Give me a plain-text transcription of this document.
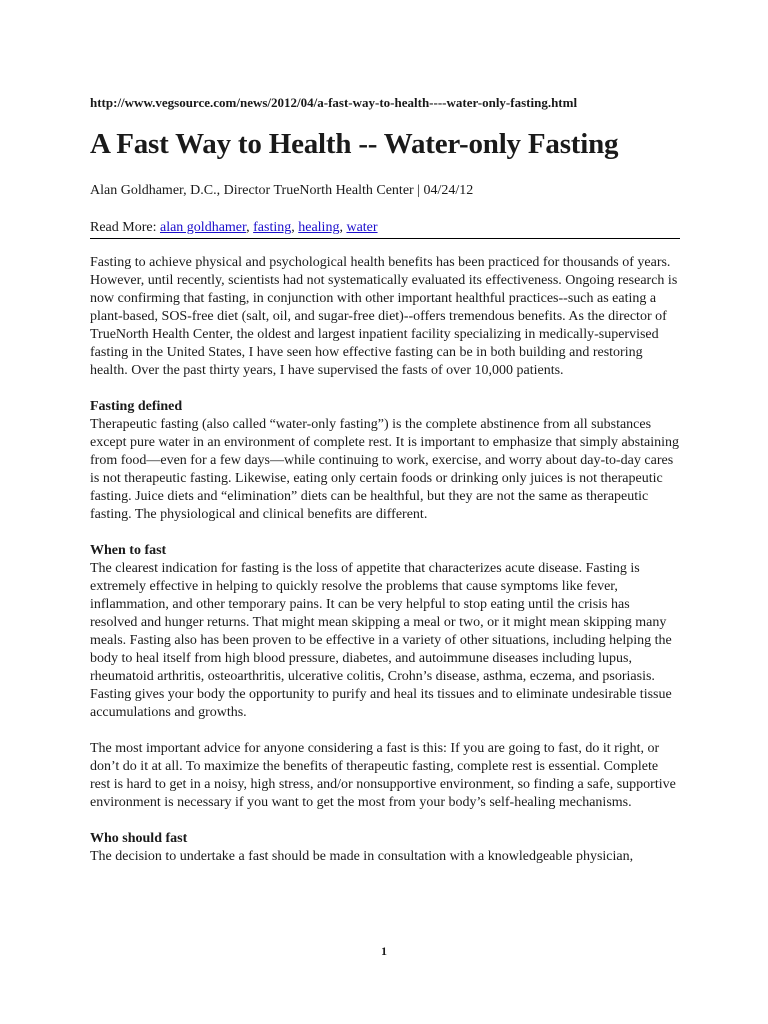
http://www.vegsource.com/news/2012/04/a-fast-way-to-health----water-only-fasting.html
A Fast Way to Health -- Water-only Fasting
Alan Goldhamer, D.C., Director TrueNorth Health Center | 04/24/12
Read More: alan goldhamer, fasting, healing, water

Fasting to achieve physical and psychological health benefits has been practiced for thousands of years. However, until recently, scientists had not systematically evaluated its effectiveness. Ongoing research is now confirming that fasting, in conjunction with other important healthful practices--such as eating a plant-based, SOS-free diet (salt, oil, and sugar-free diet)--offers tremendous benefits. As the director of TrueNorth Health Center, the oldest and largest inpatient facility specializing in medically-supervised fasting in the United States, I have seen how effective fasting can be in both building and restoring health. Over the past thirty years, I have supervised the fasts of over 10,000 patients.

Fasting defined

Therapeutic fasting (also called “water-only fasting”) is the complete abstinence from all substances except pure water in an environment of complete rest. It is important to emphasize that simply abstaining from food—even for a few days—while continuing to work, exercise, and worry about day-to-day cares is not therapeutic fasting. Likewise, eating only certain foods or drinking only juices is not therapeutic fasting. Juice diets and “elimination” diets can be healthful, but they are not the same as therapeutic fasting. The physiological and clinical benefits are different.

When to fast

The clearest indication for fasting is the loss of appetite that characterizes acute disease. Fasting is extremely effective in helping to quickly resolve the problems that cause symptoms like fever, inflammation, and other temporary pains. It can be very helpful to stop eating until the crisis has resolved and hunger returns. That might mean skipping a meal or two, or it might mean skipping many meals. Fasting also has been proven to be effective in a variety of other situations, including helping the body to heal itself from high blood pressure, diabetes, and autoimmune diseases including lupus, rheumatoid arthritis, osteoarthritis, ulcerative colitis, Crohn’s disease, asthma, eczema, and psoriasis. Fasting gives your body the opportunity to purify and heal its tissues and to eliminate undesirable tissue accumulations and growths.

The most important advice for anyone considering a fast is this: If you are going to fast, do it right, or don’t do it at all. To maximize the benefits of therapeutic fasting, complete rest is essential. Complete rest is hard to get in a noisy, high stress, and/or nonsupportive environment, so finding a safe, supportive environment is necessary if you want to get the most from your body’s self-healing mechanisms.

Who should fast

The decision to undertake a fast should be made in consultation with a knowledgeable physician,

1
